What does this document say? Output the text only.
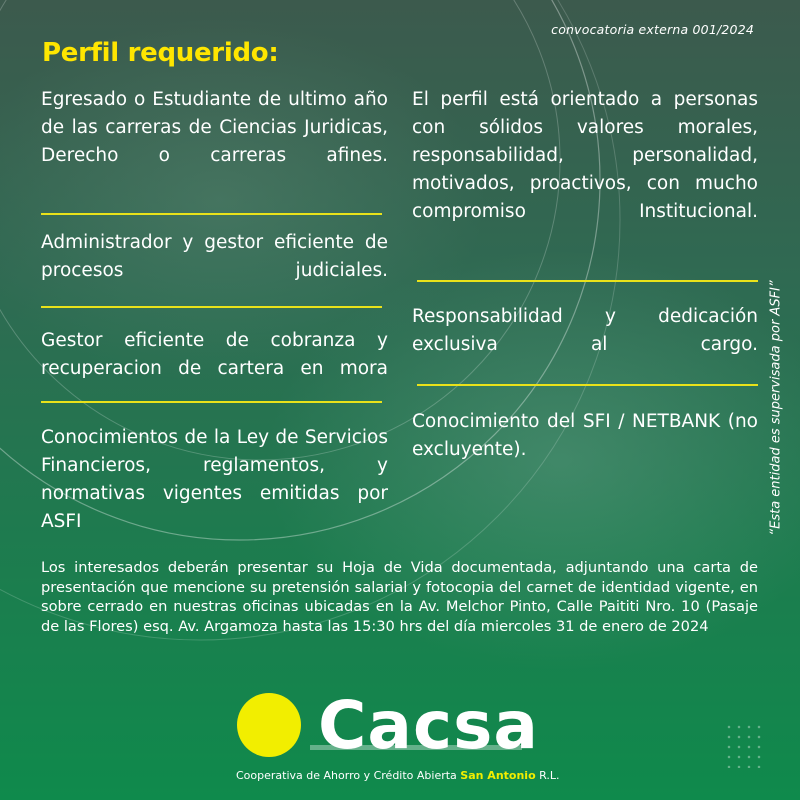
convocatoria externa 001/2024
Perfil requerido:
Egresado o Estudiante de ultimo año de las carreras de Ciencias Juridicas, Derecho o carreras afines.
Administrador y gestor eficiente de procesos judiciales.
Gestor eficiente de cobranza y recuperacion de cartera en mora
Conocimientos de la Ley de Servicios Financieros, reglamentos, y normativas vigentes emitidas por ASFI
El perfil está orientado a personas con sólidos valores morales, responsabilidad, personalidad, motivados, proactivos, con mucho compromiso Institucional.
Responsabilidad y dedicación exclusiva al cargo.
Conocimiento del SFI / NETBANK (no excluyente).
Los interesados deberán presentar su Hoja de Vida documentada, adjuntando una carta de presentación que mencione su pretensión salarial y fotocopia del carnet de identidad vigente, en sobre cerrado en nuestras oficinas ubicadas en la Av. Melchor Pinto, Calle Paititi Nro. 10 (Pasaje de las Flores) esq. Av. Argamoza hasta las 15:30 hrs del día miercoles 31 de enero de 2024
“Esta entidad es supervisada por ASFI”
Cacsa
Cooperativa de Ahorro y Crédito Abierta San Antonio R.L.
